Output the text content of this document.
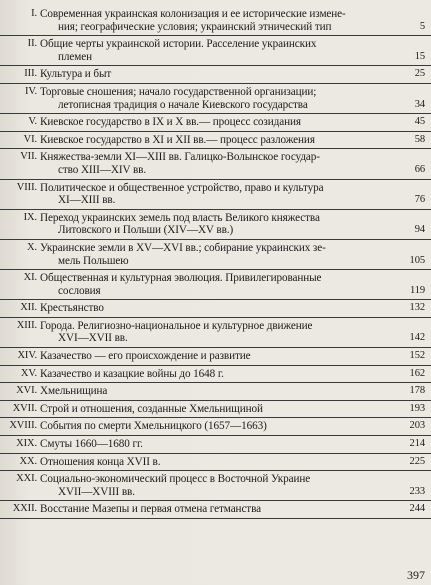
I. Современная украинская колонизация и ее исторические измене-
ния; географические условия; украинский этнический тип	5
II. Общие черты украинской истории. Расселение украинских
племен	15
III. Культура и быт	25
IV. Торговые сношения; начало государственной организации;
летописная традиция о начале Киевского государства	34
V. Киевское государство в IX и X вв.— процесс созидания	45
VI. Киевское государство в XI и XII вв.— процесс разложения	58
VII. Княжества-земли XI—XIII вв. Галицко-Волынское государ-
ство XIII—XIV вв.	66
VIII. Политическое и общественное устройство, право и культура
XI—XIII вв.	76
IX. Переход украинских земель под власть Великого княжества
Литовского и Польши (XIV—XV вв.)	94
X. Украинские земли в XV—XVI вв.; собирание украинских зе-
мель Польшею	105
XI. Общественная и культурная эволюция. Привилегированные
сословия	119
XII. Крестьянство	132
XIII. Города. Религиозно-национальное и культурное движение
XVI—XVII вв.	142
XIV. Казачество — его происхождение и развитие	152
XV. Казачество и казацкие войны до 1648 г.	162
XVI. Хмельнищина	178
XVII. Строй и отношения, созданные Хмельнищиной	193
XVIII. События по смерти Хмельницкого (1657—1663)	203
XIX. Смуты 1660—1680 гг.	214
XX. Отношения конца XVII в.	225
XXI. Социально-экономический процесс в Восточной Украине
XVII—XVIII вв.	233
XXII. Восстание Мазепы и первая отмена гетманства	244
397
